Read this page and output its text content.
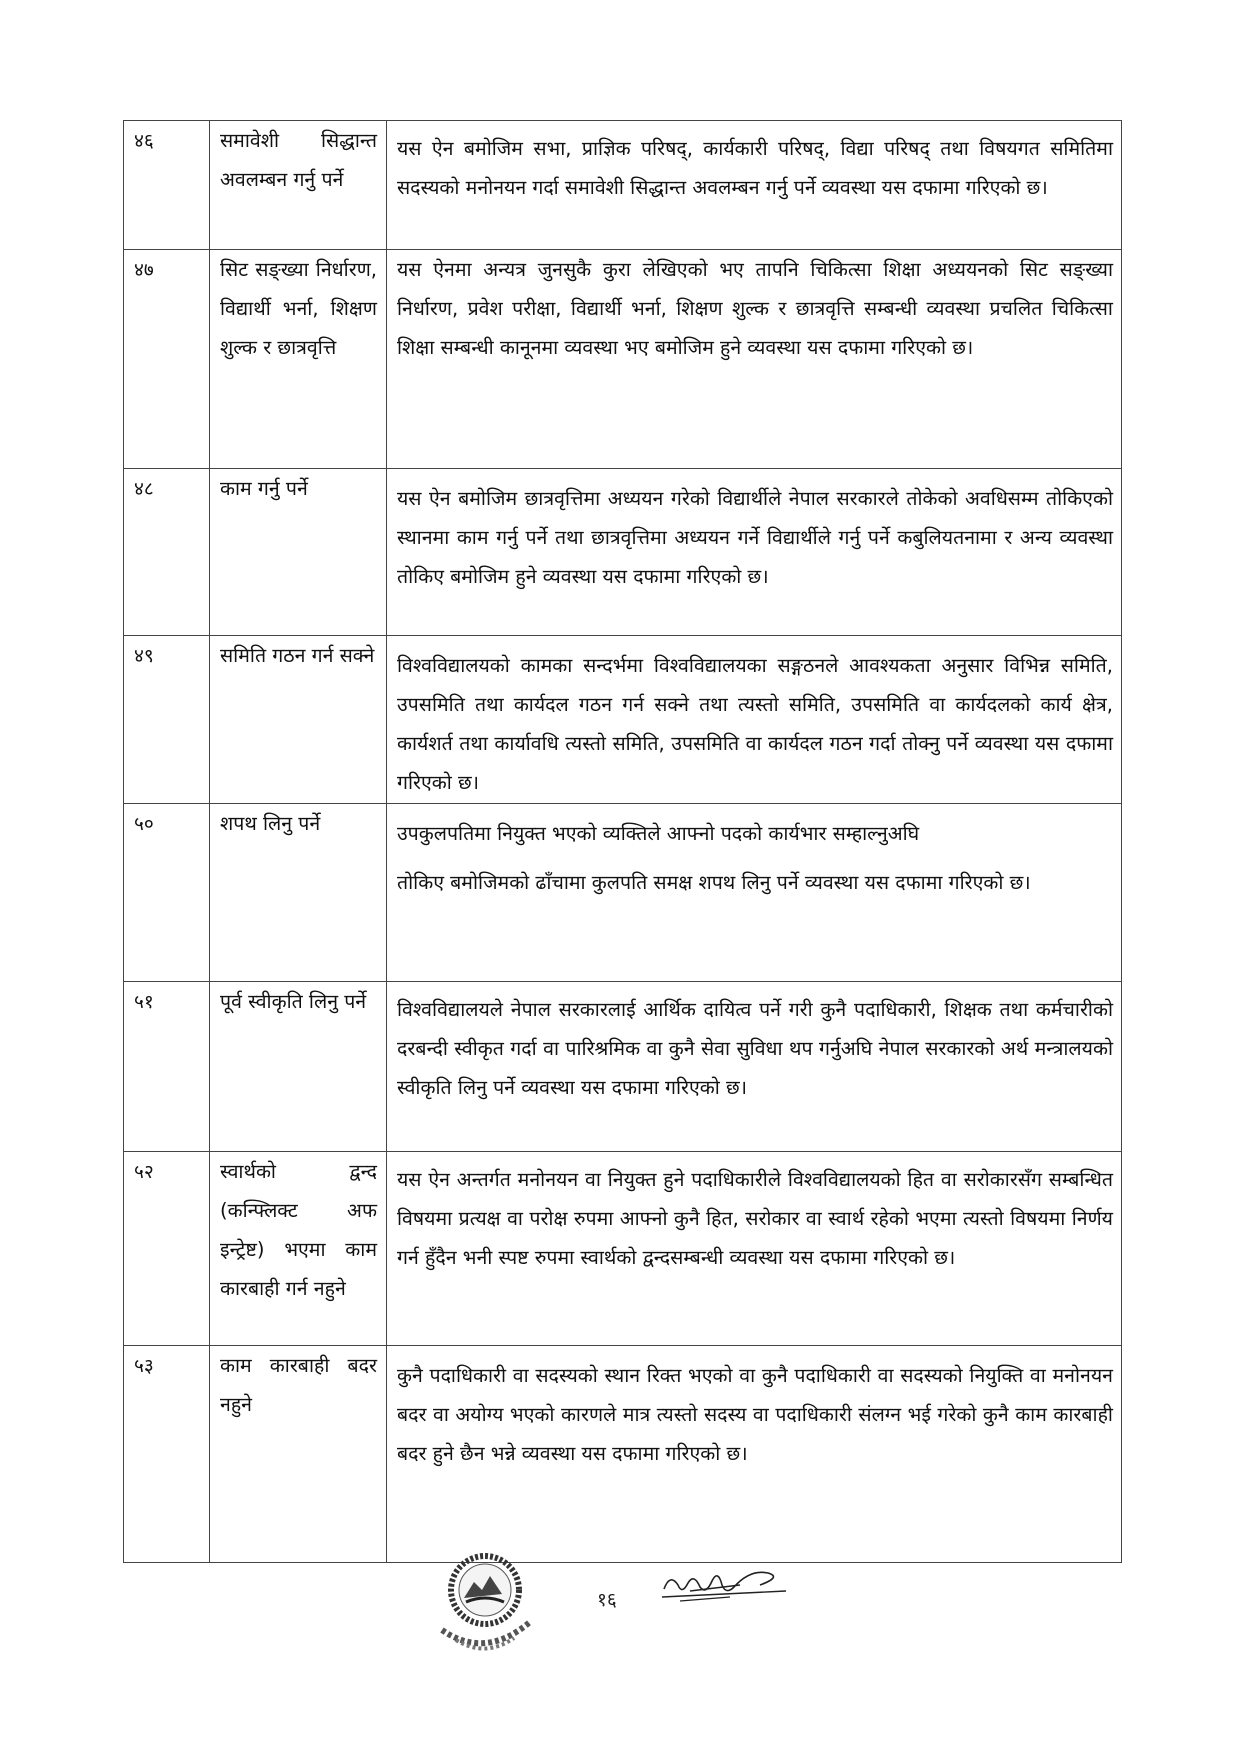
४६	समावेशी सिद्धान्त अवलम्बन गर्नु पर्ने	यस ऐन बमोजिम सभा, प्राज्ञिक परिषद्, कार्यकारी परिषद्, विद्या परिषद् तथा विषयगत समितिमा सदस्यको मनोनयन गर्दा समावेशी सिद्धान्त अवलम्बन गर्नु पर्ने व्यवस्था यस दफामा गरिएको छ।

४७	सिट सङ्ख्या निर्धारण, विद्यार्थी भर्ना, शिक्षण शुल्क र छात्रवृत्ति	यस ऐनमा अन्यत्र जुनसुकै कुरा लेखिएको भए तापनि चिकित्सा शिक्षा अध्ययनको सिट सङ्ख्या निर्धारण, प्रवेश परीक्षा, विद्यार्थी भर्ना, शिक्षण शुल्क र छात्रवृत्ति सम्बन्धी व्यवस्था प्रचलित चिकित्सा शिक्षा सम्बन्धी कानूनमा व्यवस्था भए बमोजिम हुने व्यवस्था यस दफामा गरिएको छ।

४८	काम गर्नु पर्ने	यस ऐन बमोजिम छात्रवृत्तिमा अध्ययन गरेको विद्यार्थीले नेपाल सरकारले तोकेको अवधिसम्म तोकिएको स्थानमा काम गर्नु पर्ने तथा छात्रवृत्तिमा अध्ययन गर्ने विद्यार्थीले गर्नु पर्ने कबुलियतनामा र अन्य व्यवस्था तोकिए बमोजिम हुने व्यवस्था यस दफामा गरिएको छ।

४९	समिति गठन गर्न सक्ने	विश्वविद्यालयको कामका सन्दर्भमा विश्वविद्यालयका सङ्गठनले आवश्यकता अनुसार विभिन्न समिति, उपसमिति तथा कार्यदल गठन गर्न सक्ने तथा त्यस्तो समिति, उपसमिति वा कार्यदलको कार्य क्षेत्र, कार्यशर्त तथा कार्यावधि त्यस्तो समिति, उपसमिति वा कार्यदल गठन गर्दा तोक्नु पर्ने व्यवस्था यस दफामा गरिएको छ।

५०	शपथ लिनु पर्ने	उपकुलपतिमा नियुक्त भएको व्यक्तिले आफ्नो पदको कार्यभार सम्हाल्नुअघि

तोकिए बमोजिमको ढाँचामा कुलपति समक्ष शपथ लिनु पर्ने व्यवस्था यस दफामा गरिएको छ।

५१	पूर्व स्वीकृति लिनु पर्ने	विश्वविद्यालयले नेपाल सरकारलाई आर्थिक दायित्व पर्ने गरी कुनै पदाधिकारी, शिक्षक तथा कर्मचारीको दरबन्दी स्वीकृत गर्दा वा पारिश्रमिक वा कुनै सेवा सुविधा थप गर्नुअघि नेपाल सरकारको अर्थ मन्त्रालयको स्वीकृति लिनु पर्ने व्यवस्था यस दफामा गरिएको छ।

५२	स्वार्थको द्वन्द (कन्फ्लिक्ट अफ इन्ट्रेष्ट) भएमा काम कारबाही गर्न नहुने	यस ऐन अन्तर्गत मनोनयन वा नियुक्त हुने पदाधिकारीले विश्वविद्यालयको हित वा सरोकारसँग सम्बन्धित विषयमा प्रत्यक्ष वा परोक्ष रुपमा आफ्नो कुनै हित, सरोकार वा स्वार्थ रहेको भएमा त्यस्तो विषयमा निर्णय गर्न हुँदैन भनी स्पष्ट रुपमा स्वार्थको द्वन्दसम्बन्धी व्यवस्था यस दफामा गरिएको छ।

५३	काम कारबाही बदर नहुने	कुनै पदाधिकारी वा सदस्यको स्थान रिक्त भएको वा कुनै पदाधिकारी वा सदस्यको नियुक्ति वा मनोनयन बदर वा अयोग्य भएको कारणले मात्र त्यस्तो सदस्य वा पदाधिकारी संलग्न भई गरेको कुनै काम कारबाही बदर हुने छैन भन्ने व्यवस्था यस दफामा गरिएको छ।

१६
